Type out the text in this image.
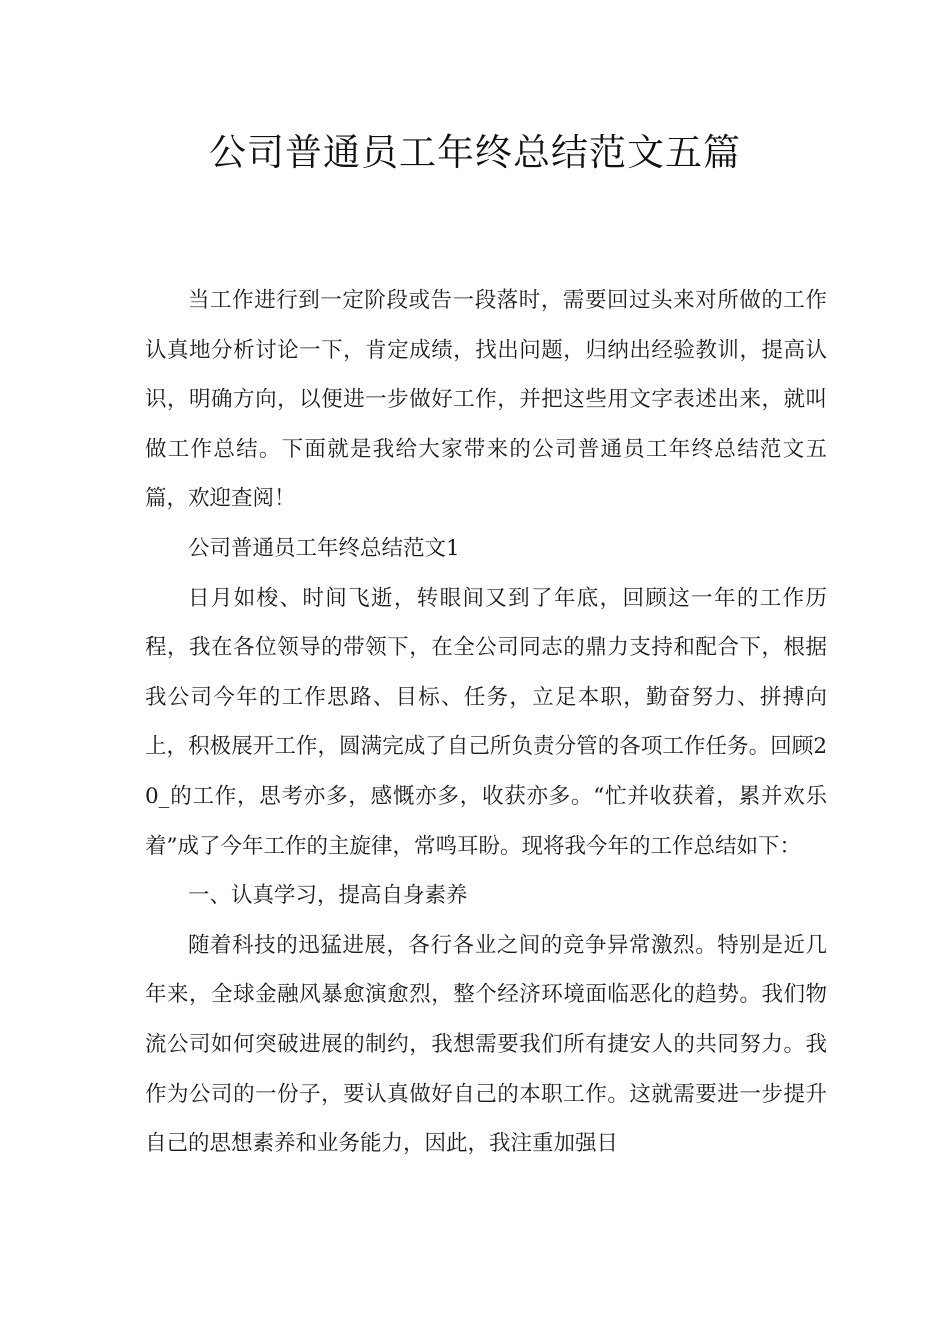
公司普通员工年终总结范文五篇

当工作进行到一定阶段或告一段落时，需要回过头来对所做的工作认真地分析讨论一下，肯定成绩，找出问题，归纳出经验教训，提高认识，明确方向，以便进一步做好工作，并把这些用文字表述出来，就叫做工作总结。下面就是我给大家带来的公司普通员工年终总结范文五篇，欢迎查阅！

公司普通员工年终总结范文1

日月如梭、时间飞逝，转眼间又到了年底，回顾这一年的工作历程，我在各位领导的带领下，在全公司同志的鼎力支持和配合下，根据我公司今年的工作思路、目标、任务，立足本职，勤奋努力、拼搏向上，积极展开工作，圆满完成了自己所负责分管的各项工作任务。回顾20_的工作，思考亦多，感慨亦多，收获亦多。“忙并收获着，累并欢乐着”成了今年工作的主旋律，常鸣耳盼。现将我今年的工作总结如下：

一、认真学习，提高自身素养

随着科技的迅猛进展，各行各业之间的竞争异常激烈。特别是近几年来，全球金融风暴愈演愈烈，整个经济环境面临恶化的趋势。我们物流公司如何突破进展的制约，我想需要我们所有捷安人的共同努力。我作为公司的一份子，要认真做好自己的本职工作。这就需要进一步提升自己的思想素养和业务能力，因此，我注重加强日
